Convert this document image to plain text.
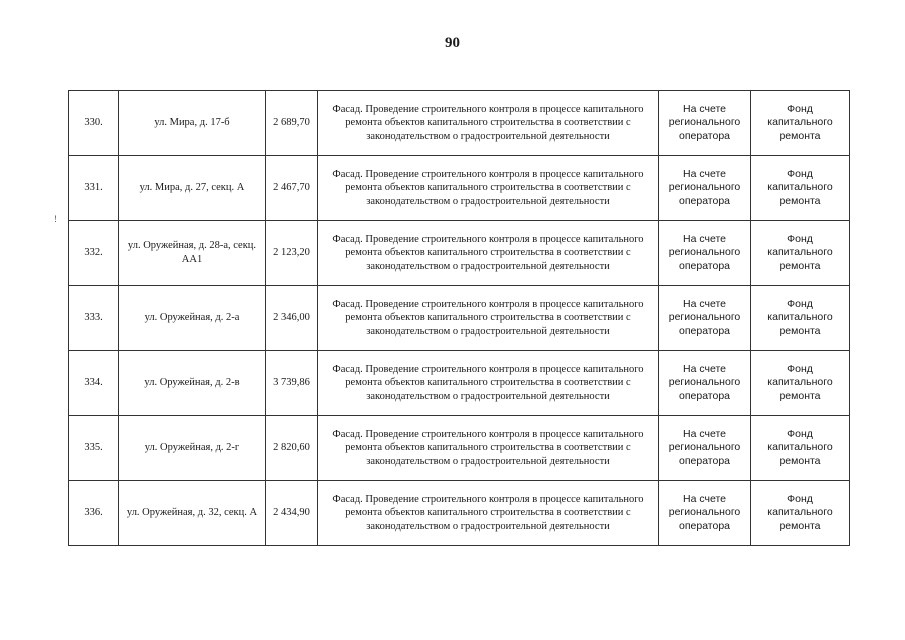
90
!
330.	ул. Мира, д. 17-б	2 689,70	Фасад. Проведение строительного контроля в процессе капитального ремонта объектов капитального строительства в соответствии с законодательством о градостроительной деятельности	На счете регионального оператора	Фонд капитального ремонта
331.	ул. Мира, д. 27, секц. А	2 467,70	Фасад. Проведение строительного контроля в процессе капитального ремонта объектов капитального строительства в соответствии с законодательством о градостроительной деятельности	На счете регионального оператора	Фонд капитального ремонта
332.	ул. Оружейная, д. 28-а, секц. АА1	2 123,20	Фасад. Проведение строительного контроля в процессе капитального ремонта объектов капитального строительства в соответствии с законодательством о градостроительной деятельности	На счете регионального оператора	Фонд капитального ремонта
333.	ул. Оружейная, д. 2-а	2 346,00	Фасад. Проведение строительного контроля в процессе капитального ремонта объектов капитального строительства в соответствии с законодательством о градостроительной деятельности	На счете регионального оператора	Фонд капитального ремонта
334.	ул. Оружейная, д. 2-в	3 739,86	Фасад. Проведение строительного контроля в процессе капитального ремонта объектов капитального строительства в соответствии с законодательством о градостроительной деятельности	На счете регионального оператора	Фонд капитального ремонта
335.	ул. Оружейная, д. 2-г	2 820,60	Фасад. Проведение строительного контроля в процессе капитального ремонта объектов капитального строительства в соответствии с законодательством о градостроительной деятельности	На счете регионального оператора	Фонд капитального ремонта
336.	ул. Оружейная, д. 32, секц. А	2 434,90	Фасад. Проведение строительного контроля в процессе капитального ремонта объектов капитального строительства в соответствии с законодательством о градостроительной деятельности	На счете регионального оператора	Фонд капитального ремонта
